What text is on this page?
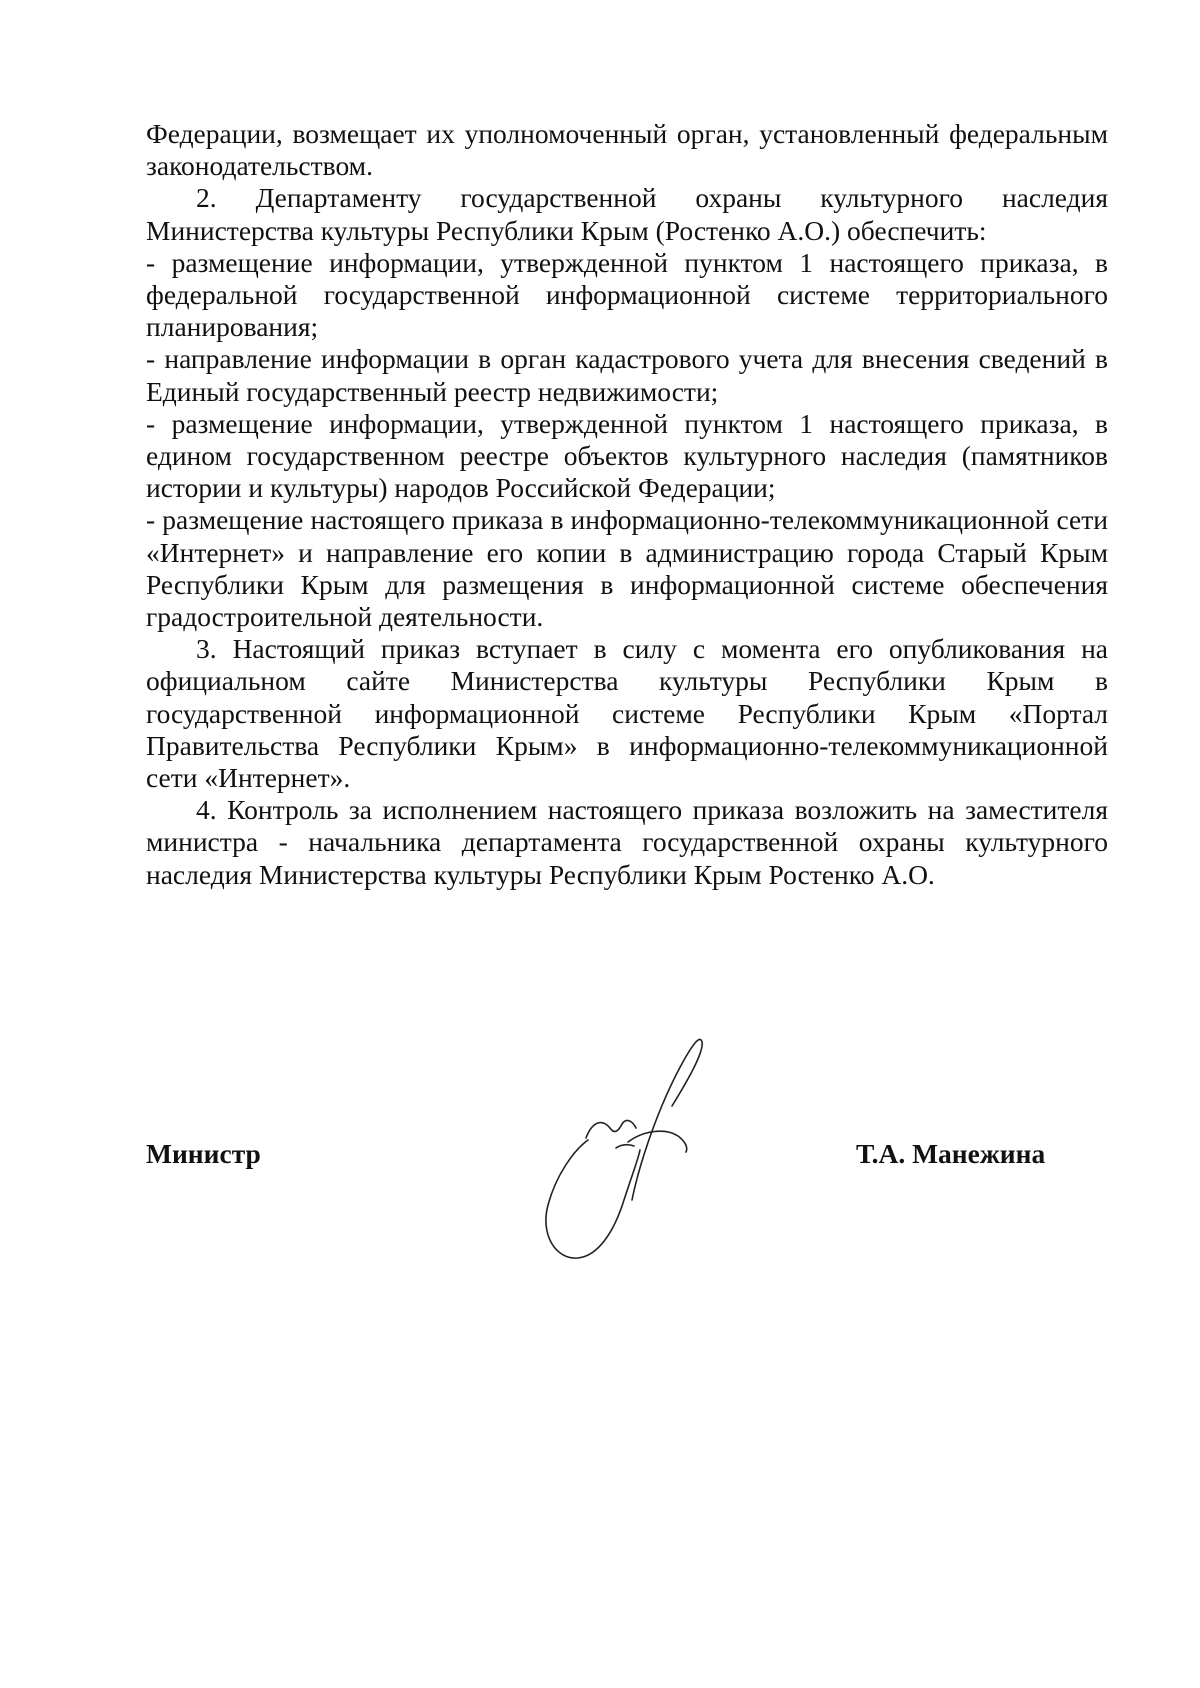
Федерации, возмещает их уполномоченный орган, установленный федеральным законодательством.

2. Департаменту государственной охраны культурного наследия Министерства культуры Республики Крым (Ростенко А.О.) обеспечить:

- размещение информации, утвержденной пунктом 1 настоящего приказа, в федеральной государственной информационной системе территориального планирования;

- направление информации в орган кадастрового учета для внесения сведений в Единый государственный реестр недвижимости;

- размещение информации, утвержденной пунктом 1 настоящего приказа, в едином государственном реестре объектов культурного наследия (памятников истории и культуры) народов Российской Федерации;

- размещение настоящего приказа в информационно-телекоммуникационной сети «Интернет» и направление его копии в администрацию города Старый Крым Республики Крым для размещения в информационной системе обеспечения градостроительной деятельности.

3. Настоящий приказ вступает в силу с момента его опубликования на официальном сайте Министерства культуры Республики Крым в государственной информационной системе Республики Крым «Портал Правительства Республики Крым» в информационно-телекоммуникационной сети «Интернет».

4. Контроль за исполнением настоящего приказа возложить на заместителя министра - начальника департамента государственной охраны культурного наследия Министерства культуры Республики Крым Ростенко А.О.

Министр	Т.А. Манежина
